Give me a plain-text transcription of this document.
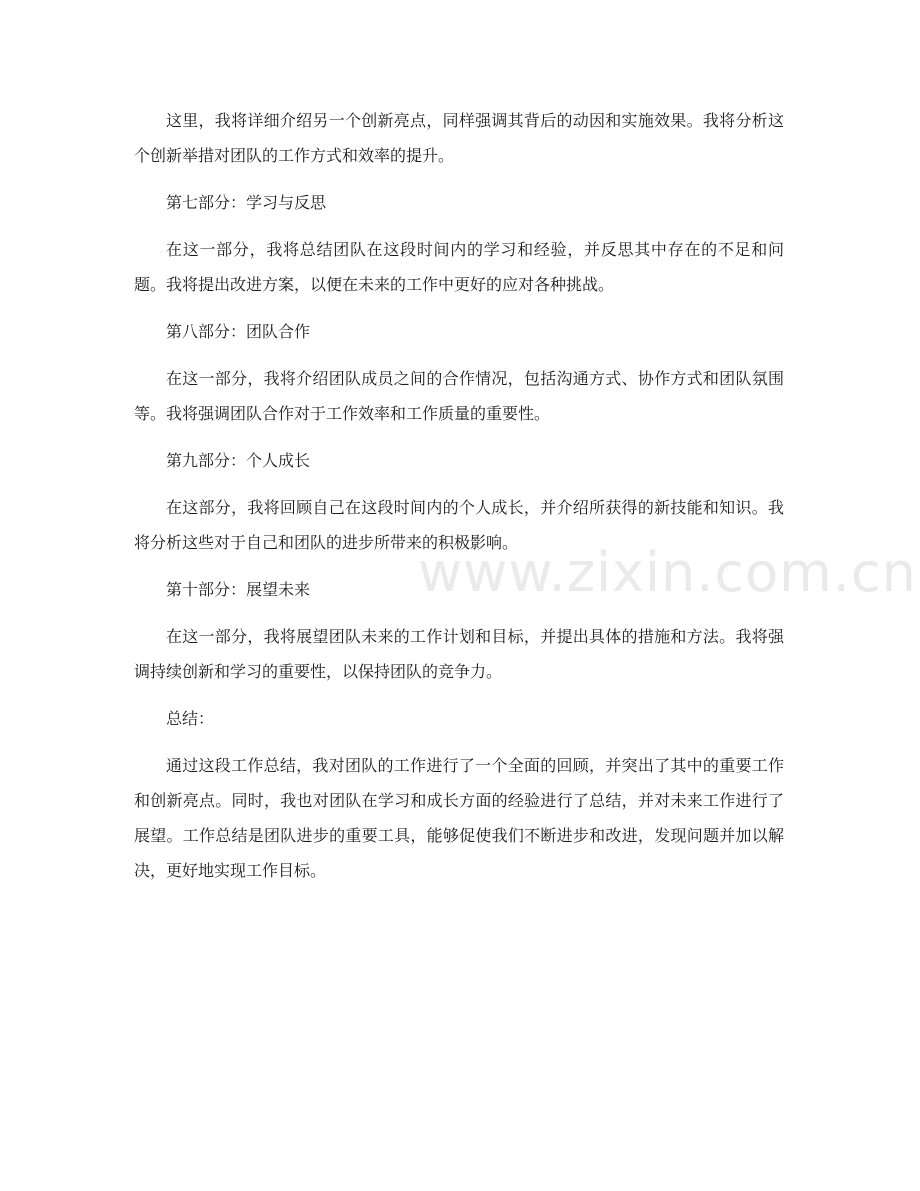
这里，我将详细介绍另一个创新亮点，同样强调其背后的动因和实施效果。我将分析这个创新举措对团队的工作方式和效率的提升。

第七部分：学习与反思

在这一部分，我将总结团队在这段时间内的学习和经验，并反思其中存在的不足和问题。我将提出改进方案，以便在未来的工作中更好的应对各种挑战。

第八部分：团队合作

在这一部分，我将介绍团队成员之间的合作情况，包括沟通方式、协作方式和团队氛围等。我将强调团队合作对于工作效率和工作质量的重要性。

第九部分：个人成长

在这部分，我将回顾自己在这段时间内的个人成长，并介绍所获得的新技能和知识。我将分析这些对于自己和团队的进步所带来的积极影响。

第十部分：展望未来

在这一部分，我将展望团队未来的工作计划和目标，并提出具体的措施和方法。我将强调持续创新和学习的重要性，以保持团队的竞争力。

总结：

通过这段工作总结，我对团队的工作进行了一个全面的回顾，并突出了其中的重要工作和创新亮点。同时，我也对团队在学习和成长方面的经验进行了总结，并对未来工作进行了展望。工作总结是团队进步的重要工具，能够促使我们不断进步和改进，发现问题并加以解决，更好地实现工作目标。

www.zixin.com.cn
